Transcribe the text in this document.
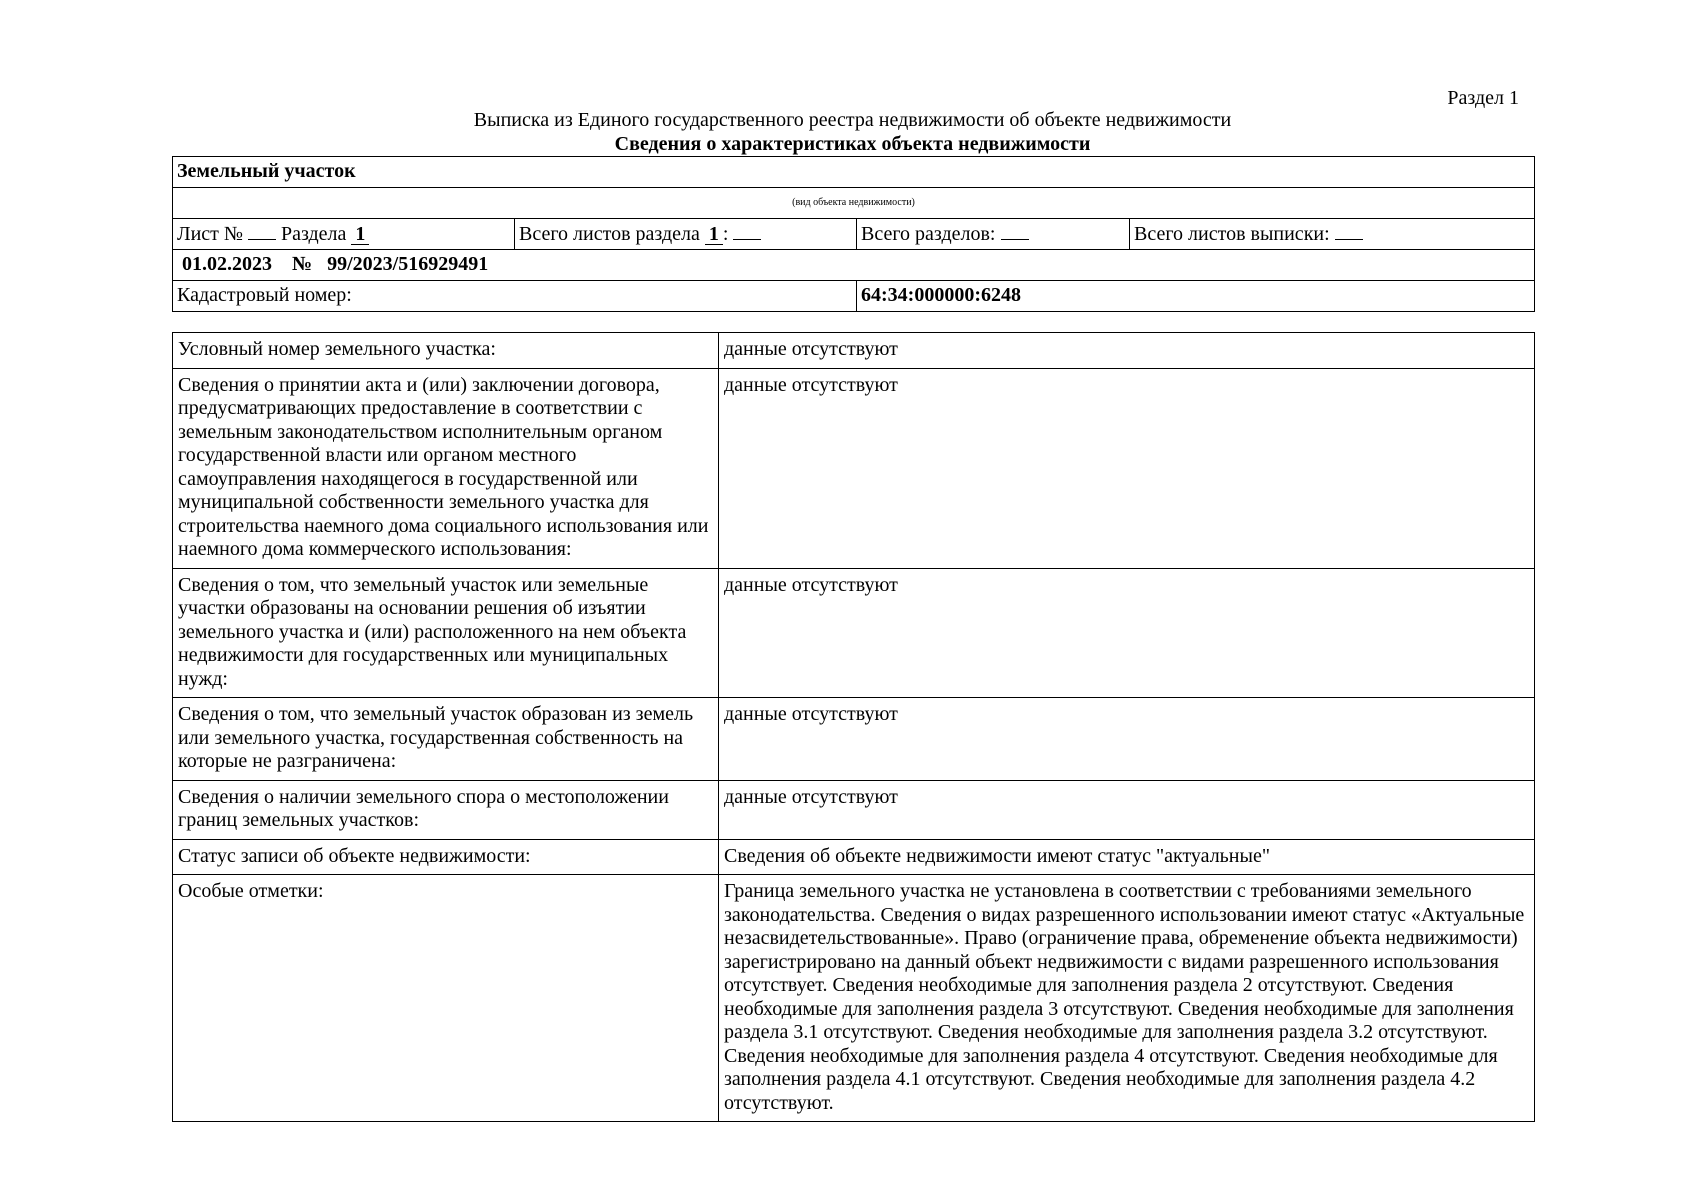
Раздел 1
Выписка из Единого государственного реестра недвижимости об объекте недвижимости
Сведения о характеристиках объекта недвижимости
Земельный участок			
(вид объекта недвижимости)			
Лист № Раздела 1	Всего листов раздела 1 :	Всего разделов:	Всего листов выписки:
01.02.2023 № 99/2023/516929491			
Кадастровый номер:		64:34:000000:6248	
Условный номер земельного участка:	данные отсутствуют
Сведения о принятии акта и (или) заключении договора, предусматривающих предоставление в соответствии с земельным законодательством исполнительным органом государственной власти или органом местного самоуправления находящегося в государственной или муниципальной собственности земельного участка для строительства наемного дома социального использования или наемного дома коммерческого использования:	данные отсутствуют
Сведения о том, что земельный участок или земельные участки образованы на основании решения об изъятии земельного участка и (или) расположенного на нем объекта недвижимости для государственных или муниципальных нужд:	данные отсутствуют
Сведения о том, что земельный участок образован из земель или земельного участка, государственная собственность на которые не разграничена:	данные отсутствуют
Сведения о наличии земельного спора о местоположении границ земельных участков:	данные отсутствуют
Статус записи об объекте недвижимости:	Сведения об объекте недвижимости имеют статус "актуальные"
Особые отметки:	Граница земельного участка не установлена в соответствии с требованиями земельного законодательства. Сведения о видах разрешенного использовании имеют статус «Актуальные незасвидетельствованные». Право (ограничение права, обременение объекта недвижимости) зарегистрировано на данный объект недвижимости с видами разрешенного использования отсутствует. Сведения необходимые для заполнения раздела 2 отсутствуют. Сведения необходимые для заполнения раздела 3 отсутствуют. Сведения необходимые для заполнения раздела 3.1 отсутствуют. Сведения необходимые для заполнения раздела 3.2 отсутствуют. Сведения необходимые для заполнения раздела 4 отсутствуют. Сведения необходимые для заполнения раздела 4.1 отсутствуют. Сведения необходимые для заполнения раздела 4.2 отсутствуют.
